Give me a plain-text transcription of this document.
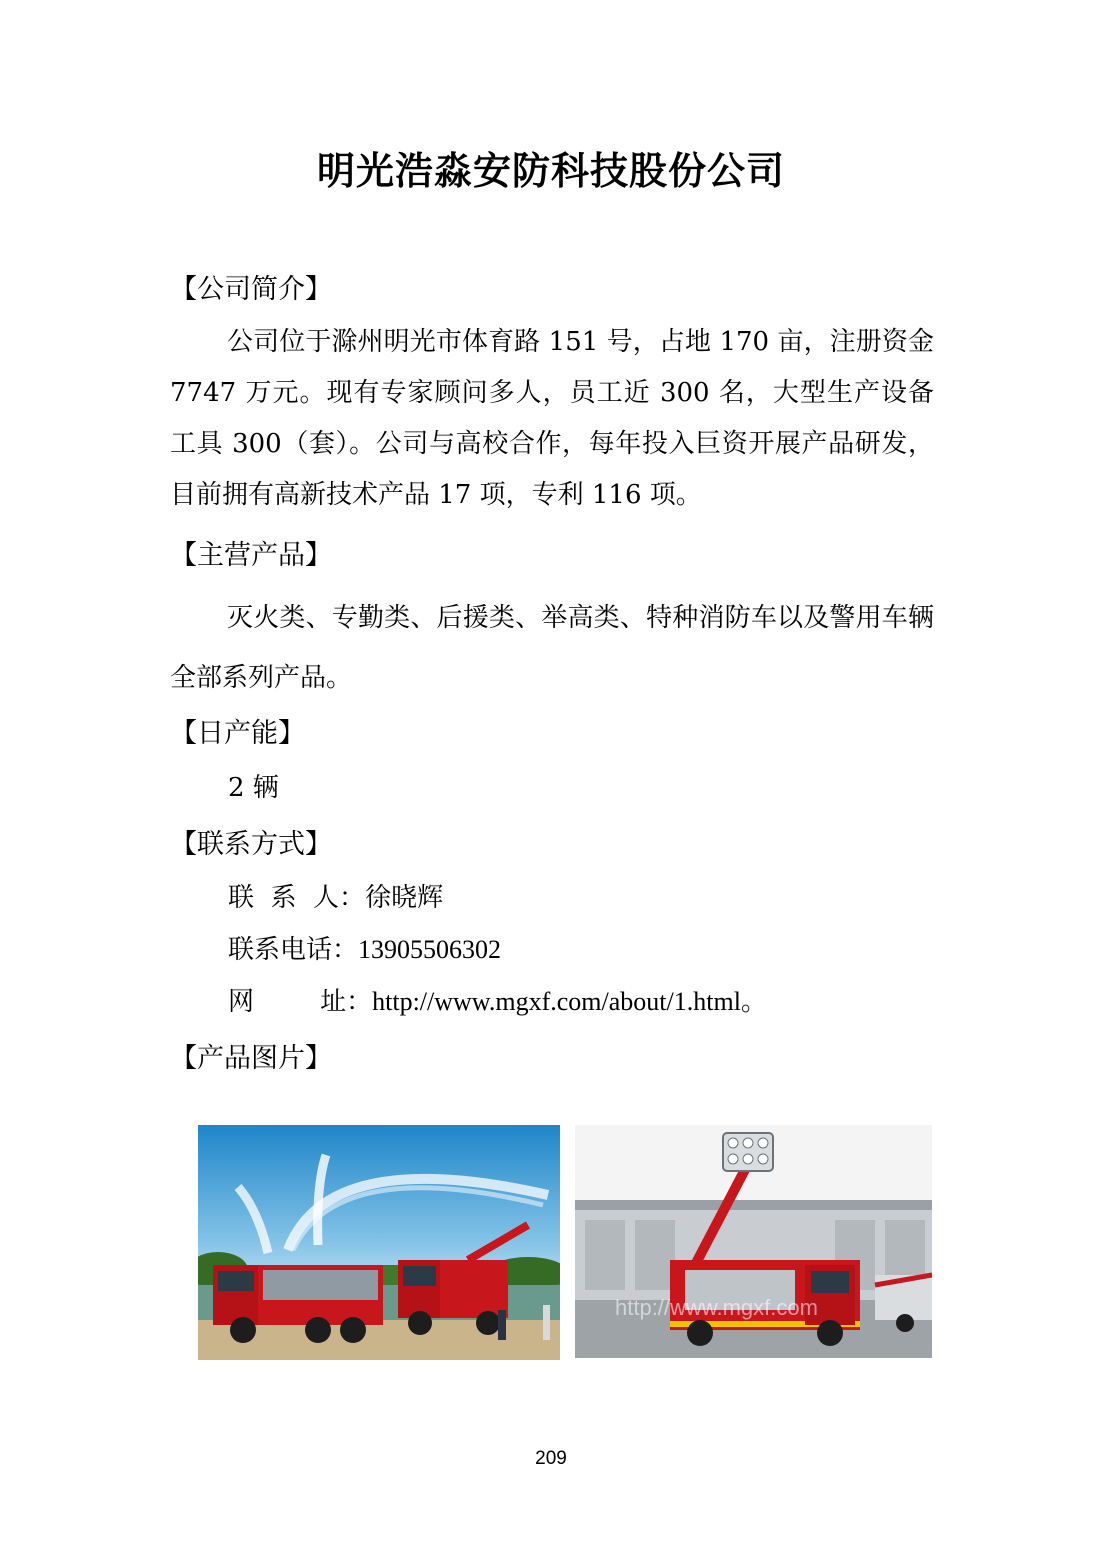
明光浩淼安防科技股份公司
【公司简介】

公司位于滁州明光市体育路 151 号，占地 170 亩，注册资金 7747 万元。现有专家顾问多人，员工近 300 名，大型生产设备工具 300（套）。公司与高校合作，每年投入巨资开展产品研发，目前拥有高新技术产品 17 项，专利 116 项。

【主营产品】

灭火类、专勤类、后援类、举高类、特种消防车以及警用车辆全部系列产品。

【日产能】

2 辆

【联系方式】

联  系  人：徐晓辉

联系电话：13905506302

网        址：http://www.mgxf.com/about/1.html。

【产品图片】
http://www.mgxf.com
209
